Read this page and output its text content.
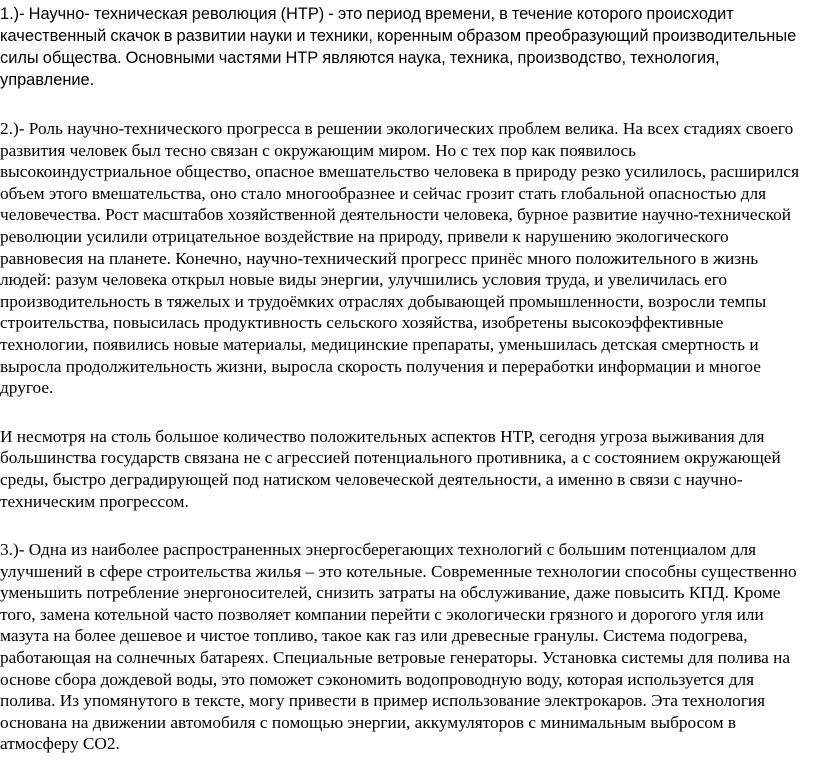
1.)- Научно- техническая революция (НТР) - это период времени, в течение которого происходит качественный скачок в развитии науки и техники, коренным образом преобразующий производительные силы общества. Основными частями НТР являются наука, техника, производство, технология, управление.

2.)- Роль научно-технического прогресса в решении экологических проблем велика. На всех стадиях своего развития человек был тесно связан с окружающим миром. Но с тех пор как появилось высокоиндустриальное общество, опасное вмешательство человека в природу резко усилилось, расширился объем этого вмешательства, оно стало многообразнее и сейчас грозит стать глобальной опасностью для человечества. Рост масштабов хозяйственной деятельности человека, бурное развитие научно-технической революции усилили отрицательное воздействие на природу, привели к нарушению экологического равновесия на планете. Конечно, научно-технический прогресс принёс много положительного в жизнь людей: разум человека открыл новые виды энергии, улучшились условия труда, и увеличилась его производительность в тяжелых и трудоёмких отраслях добывающей промышленности, возросли темпы строительства, повысилась продуктивность сельского хозяйства, изобретены высокоэффективные технологии, появились новые материалы, медицинские препараты, уменьшилась детская смертность и выросла продолжительность жизни, выросла скорость получения и переработки информации и многое другое.

И несмотря на столь большое количество положительных аспектов НТР, сегодня угроза выживания для большинства государств связана не с агрессией потенциального противника, а с состоянием окружающей среды, быстро деградирующей под натиском человеческой деятельности, а именно в связи с научно-техническим прогрессом.

3.)- Одна из наиболее распространенных энергосберегающих технологий с большим потенциалом для улучшений в сфере строительства жилья – это котельные. Современные технологии способны существенно уменьшить потребление энергоносителей, снизить затраты на обслуживание, даже повысить КПД. Кроме того, замена котельной часто позволяет компании перейти с экологически грязного и дорогого угля или мазута на более дешевое и чистое топливо, такое как газ или древесные гранулы. Система подогрева, работающая на солнечных батареях. Специальные ветровые генераторы. Установка системы для полива на основе сбора дождевой воды, это поможет сэкономить водопроводную воду, которая используется для полива. Из упомянутого в тексте, могу привести в пример использование электрокаров. Эта технология основана на движении автомобиля с помощью энергии, аккумуляторов с минимальным выбросом в атмосферу CO2.
